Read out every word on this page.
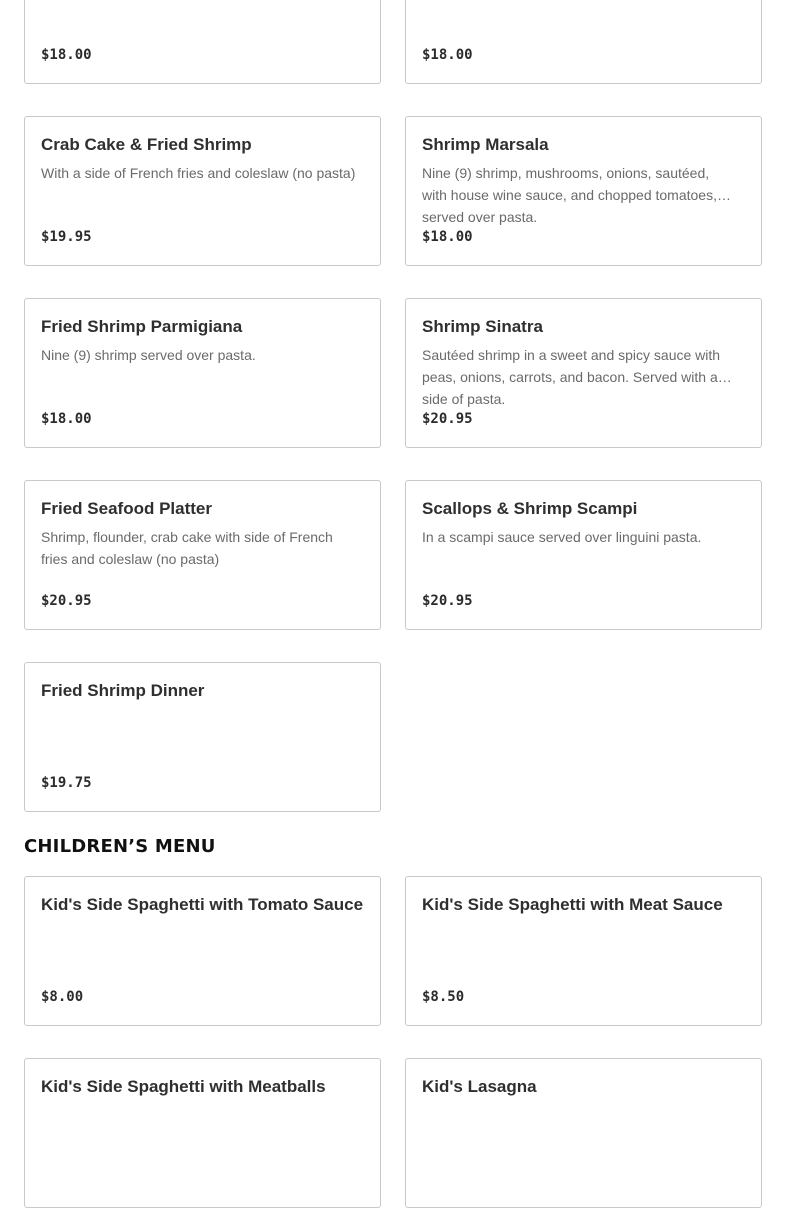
$18.00	$18.00
Crab Cake & Fried Shrimp
With a side of French fries and coleslaw (no pasta)
$19.95
Shrimp Marsala
Nine (9) shrimp, mushrooms, onions, sautéed, with house wine sauce, and chopped tomatoes, served over pasta.
$18.00
Fried Shrimp Parmigiana
Nine (9) shrimp served over pasta.
$18.00
Shrimp Sinatra
Sautéed shrimp in a sweet and spicy sauce with peas, onions, carrots, and bacon. Served with a side of pasta.
$20.95
Fried Seafood Platter
Shrimp, flounder, crab cake with side of French fries and coleslaw (no pasta)
$20.95
Scallops & Shrimp Scampi
In a scampi sauce served over linguini pasta.
$20.95
Fried Shrimp Dinner
$19.75
CHILDREN’S MENU
Kid's Side Spaghetti with Tomato Sauce
$8.00
Kid's Side Spaghetti with Meat Sauce
$8.50
Kid's Side Spaghetti with Meatballs	Kid's Lasagna
